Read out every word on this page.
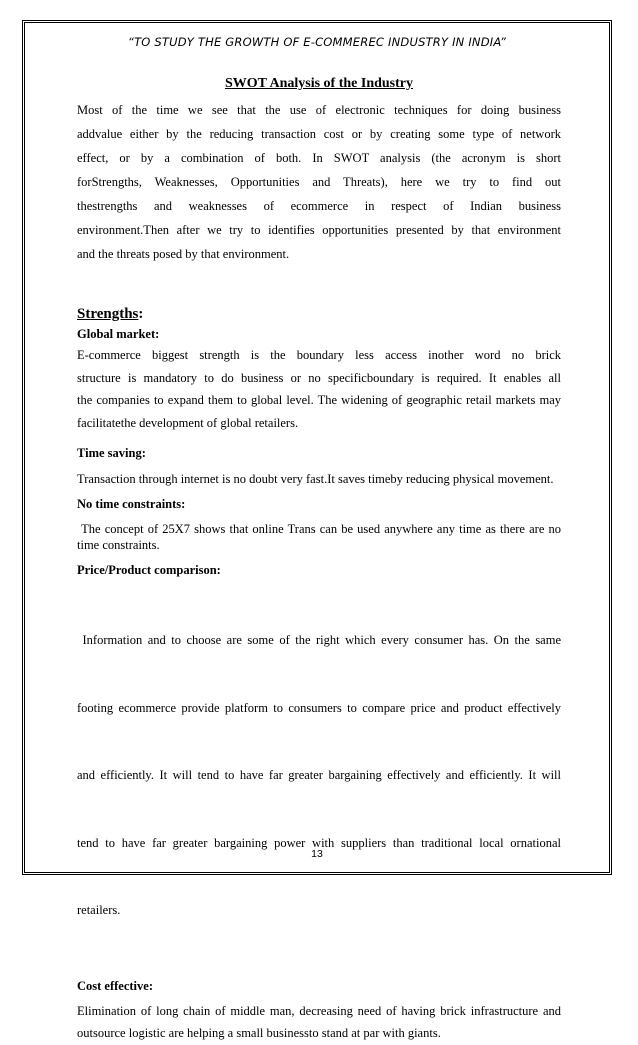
“TO STUDY THE GROWTH OF E-COMMEREC INDUSTRY IN INDIA”
SWOT Analysis of the Industry
Most of the time we see that the use of electronic techniques for doing business
addvalue either by the reducing transaction cost or by creating some type of network
effect, or by a combination of both. In SWOT analysis (the acronym is short
forStrengths, Weaknesses, Opportunities and Threats), here we try to find out
thestrengths and weaknesses of ecommerce in respect of Indian business
environment.Then after we try to identifies opportunities presented by that environment
and the threats posed by that environment.
Strengths:
Global market:
E-commerce biggest strength is the boundary less access inother word no brick
structure is mandatory to do business or no specificboundary is required. It enables all
the companies to expand them to global level. The widening of geographic retail markets may
facilitatethe development of global retailers.
Time saving:
Transaction through internet is no doubt very fast.It saves timeby reducing physical movement.
No time constraints:
The concept of 25X7 shows that online Trans can be used anywhere any time as there are no time constraints.
Price/Product comparison:

Information and to choose are some of the right which every consumer has. On the same

footing ecommerce provide platform to consumers to compare price and product effectively

and efficiently. It will tend to have far greater bargaining effectively and efficiently. It will

tend to have far greater bargaining power with suppliers than traditional local ornational

retailers.

Cost effective:
Elimination of long chain of middle man, decreasing need of having brick infrastructure and
outsource logistic are helping a small businessto stand at par with giants.
13
